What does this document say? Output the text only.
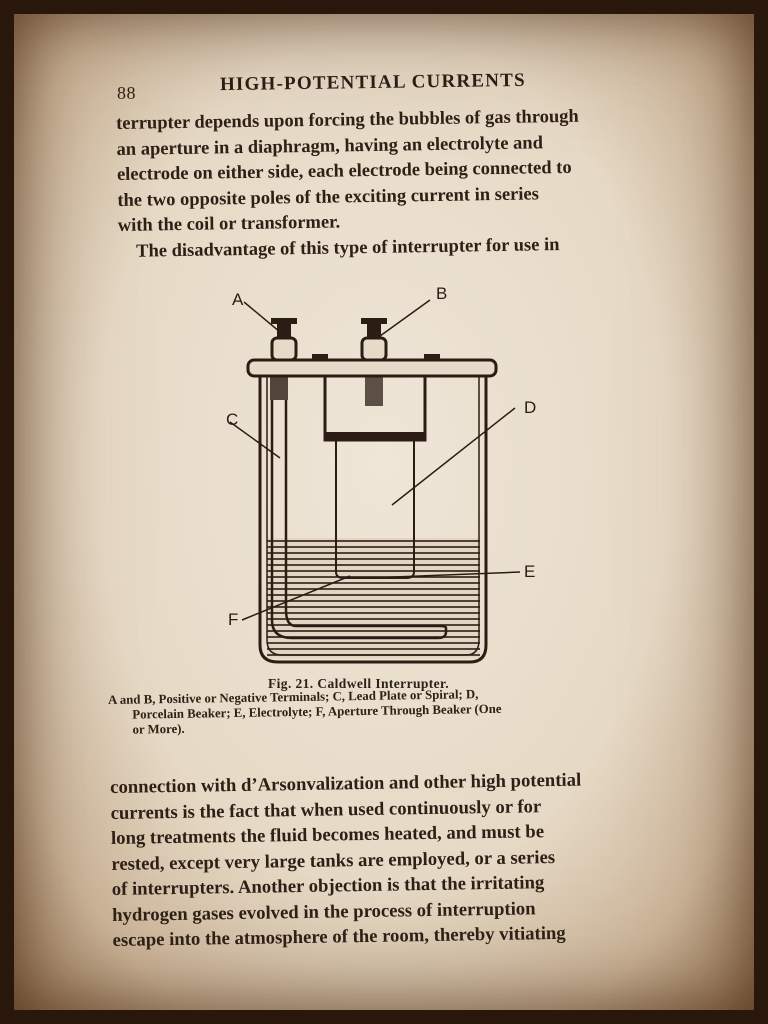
88	HIGH-POTENTIAL CURRENTS
terrupter depends upon forcing the bubbles of gas through
an aperture in a diaphragm, having an electrolyte and
electrode on either side, each electrode being connected to
the two opposite poles of the exciting current in series
with the coil or transformer.
The disadvantage of this type of interrupter for use in
A	B
C
D
E
F
Fig. 21. Caldwell Interrupter.
A and B, Positive or Negative Terminals; C, Lead Plate or Spiral; D,
Porcelain Beaker; E, Electrolyte; F, Aperture Through Beaker (One
or More).
connection with d’Arsonvalization and other high potential
currents is the fact that when used continuously or for
long treatments the fluid becomes heated, and must be
rested, except very large tanks are employed, or a series
of interrupters. Another objection is that the irritating
hydrogen gases evolved in the process of interruption
escape into the atmosphere of the room, thereby vitiating
